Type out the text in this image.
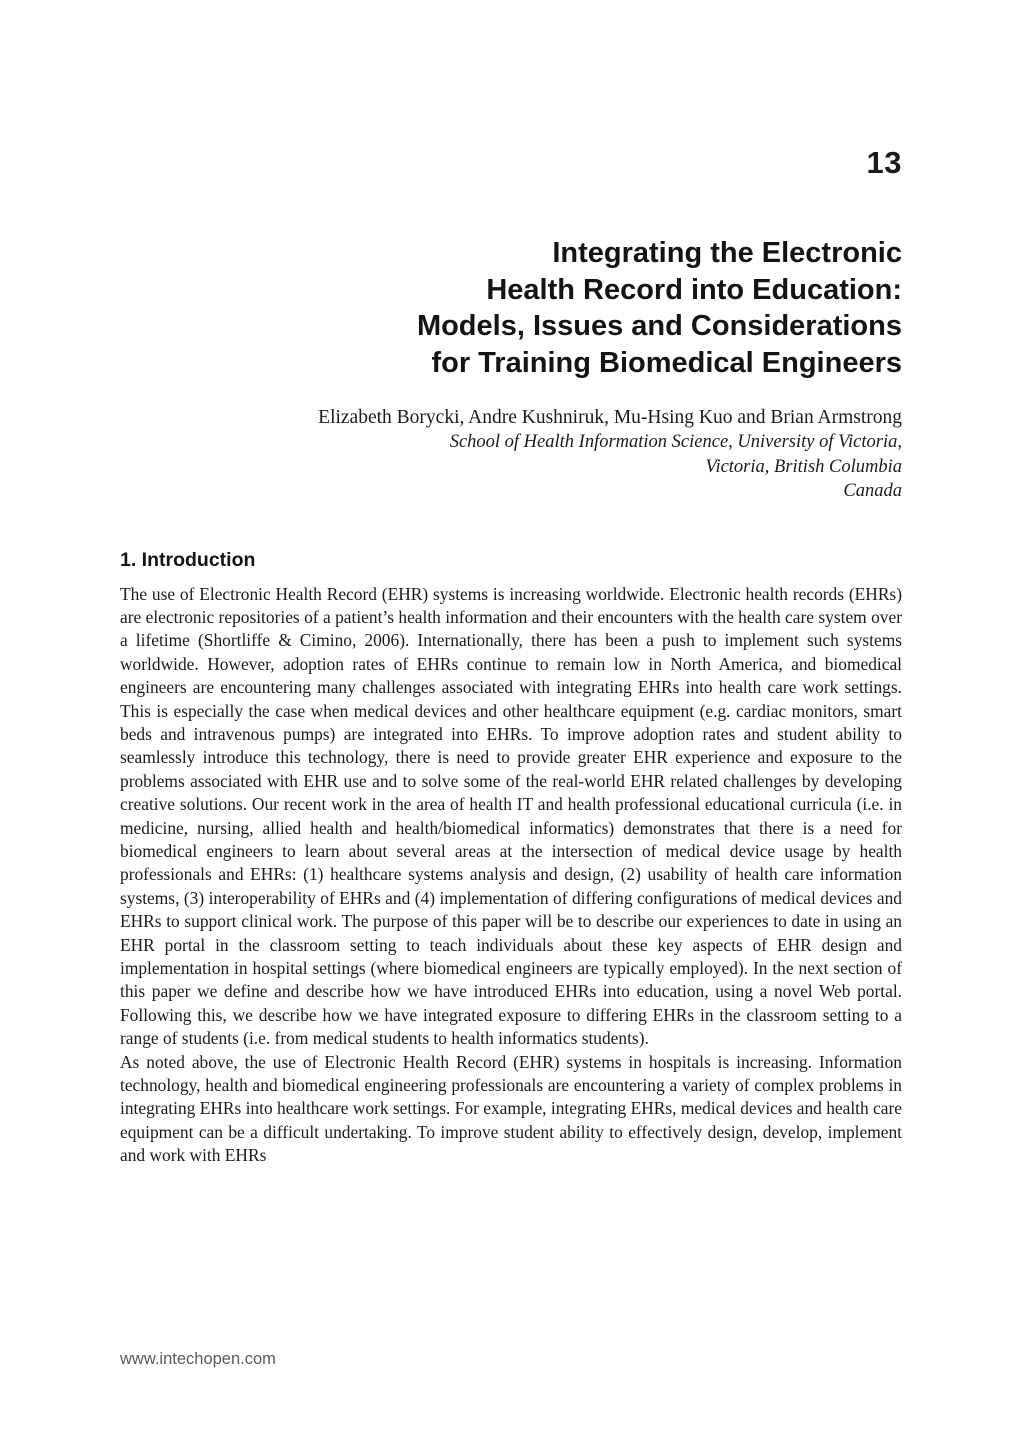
13
Integrating the Electronic
Health Record into Education:
Models, Issues and Considerations
for Training Biomedical Engineers
Elizabeth Borycki, Andre Kushniruk, Mu-Hsing Kuo and Brian Armstrong
School of Health Information Science, University of Victoria,
Victoria, British Columbia
Canada
1. Introduction

The use of Electronic Health Record (EHR) systems is increasing worldwide. Electronic health records (EHRs) are electronic repositories of a patient’s health information and their encounters with the health care system over a lifetime (Shortliffe & Cimino, 2006). Internationally, there has been a push to implement such systems worldwide. However, adoption rates of EHRs continue to remain low in North America, and biomedical engineers are encountering many challenges associated with integrating EHRs into health care work settings. This is especially the case when medical devices and other healthcare equipment (e.g. cardiac monitors, smart beds and intravenous pumps) are integrated into EHRs. To improve adoption rates and student ability to seamlessly introduce this technology, there is need to provide greater EHR experience and exposure to the problems associated with EHR use and to solve some of the real-world EHR related challenges by developing creative solutions. Our recent work in the area of health IT and health professional educational curricula (i.e. in medicine, nursing, allied health and health/biomedical informatics) demonstrates that there is a need for biomedical engineers to learn about several areas at the intersection of medical device usage by health professionals and EHRs: (1) healthcare systems analysis and design, (2) usability of health care information systems, (3) interoperability of EHRs and (4) implementation of differing configurations of medical devices and EHRs to support clinical work. The purpose of this paper will be to describe our experiences to date in using an EHR portal in the classroom setting to teach individuals about these key aspects of EHR design and implementation in hospital settings (where biomedical engineers are typically employed). In the next section of this paper we define and describe how we have introduced EHRs into education, using a novel Web portal. Following this, we describe how we have integrated exposure to differing EHRs in the classroom setting to a range of students (i.e. from medical students to health informatics students).

As noted above, the use of Electronic Health Record (EHR) systems in hospitals is increasing. Information technology, health and biomedical engineering professionals are encountering a variety of complex problems in integrating EHRs into healthcare work settings. For example, integrating EHRs, medical devices and health care equipment can be a difficult undertaking. To improve student ability to effectively design, develop, implement and work with EHRs

www.intechopen.com
